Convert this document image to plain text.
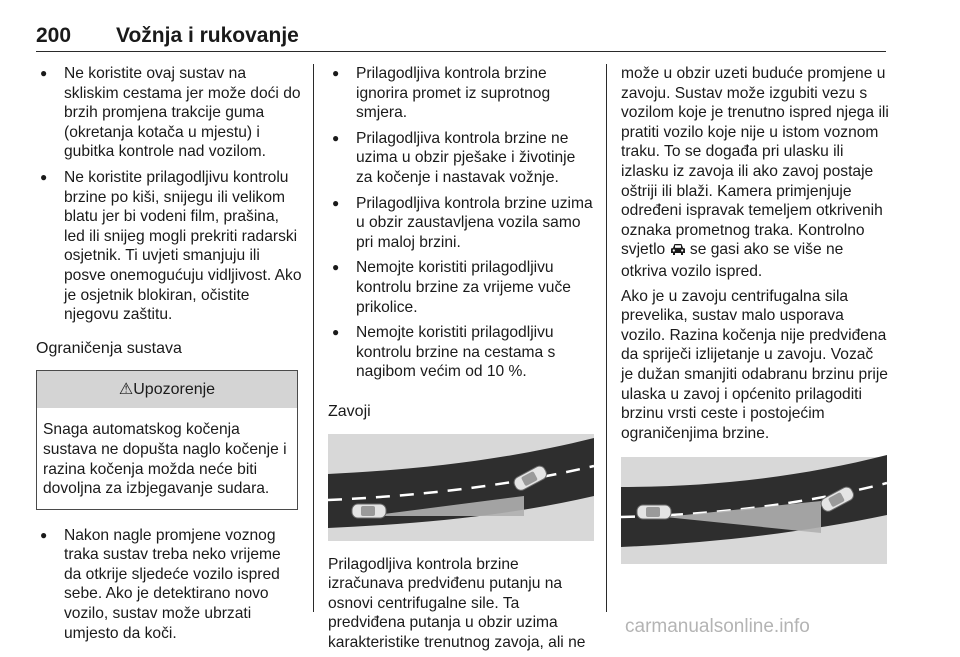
200 Vožnja i rukovanje
● Ne koristite ovaj sustav na skliskim cestama jer može doći do brzih promjena trakcije guma (okretanja kotača u mjestu) i gubitka kontrole nad vozilom.
● Ne koristite prilagodljivu kontrolu brzine po kiši, snijegu ili velikom blatu jer bi vodeni film, prašina, led ili snijeg mogli prekriti radarski osjetnik. Ti uvjeti smanjuju ili posve onemogućuju vidljivost. Ako je osjetnik blokiran, očistite njegovu zaštitu.
Ograničenja sustava
⚠Upozorenje
Snaga automatskog kočenja sustava ne dopušta naglo kočenje i razina kočenja možda neće biti dovoljna za izbjegavanje sudara.
● Nakon nagle promjene voznog traka sustav treba neko vrijeme da otkrije sljedeće vozilo ispred sebe. Ako je detektirano novo vozilo, sustav može ubrzati umjesto da koči.
● Prilagodljiva kontrola brzine ignorira promet iz suprotnog smjera.
● Prilagodljiva kontrola brzine ne uzima u obzir pješake i životinje za kočenje i nastavak vožnje.
● Prilagodljiva kontrola brzine uzima u obzir zaustavljena vozila samo pri maloj brzini.
● Nemojte koristiti prilagodljivu kontrolu brzine za vrijeme vuče prikolice.
● Nemojte koristiti prilagodljivu kontrolu brzine na cestama s nagibom većim od 10 %.
Zavoji
Prilagodljiva kontrola brzine izračunava predviđenu putanju na osnovi centrifugalne sile. Ta predviđena putanja u obzir uzima karakteristike trenutnog zavoja, ali ne
može u obzir uzeti buduće promjene u zavoju. Sustav može izgubiti vezu s vozilom koje je trenutno ispred njega ili pratiti vozilo koje nije u istom voznom traku. To se događa pri ulasku ili izlasku iz zavoja ili ako zavoj postaje oštriji ili blaži. Kamera primjenjuje određeni ispravak temeljem otkrivenih oznaka prometnog traka. Kontrolno svjetlo se gasi ako se više ne otkriva vozilo ispred.
Ako je u zavoju centrifugalna sila prevelika, sustav malo usporava vozilo. Razina kočenja nije predviđena da spriječi izlijetanje u zavoju. Vozač je dužan smanjiti odabranu brzinu prije ulaska u zavoj i općenito prilagoditi brzinu vrsti ceste i postojećim ograničenjima brzine.
carmanualsonline.info
